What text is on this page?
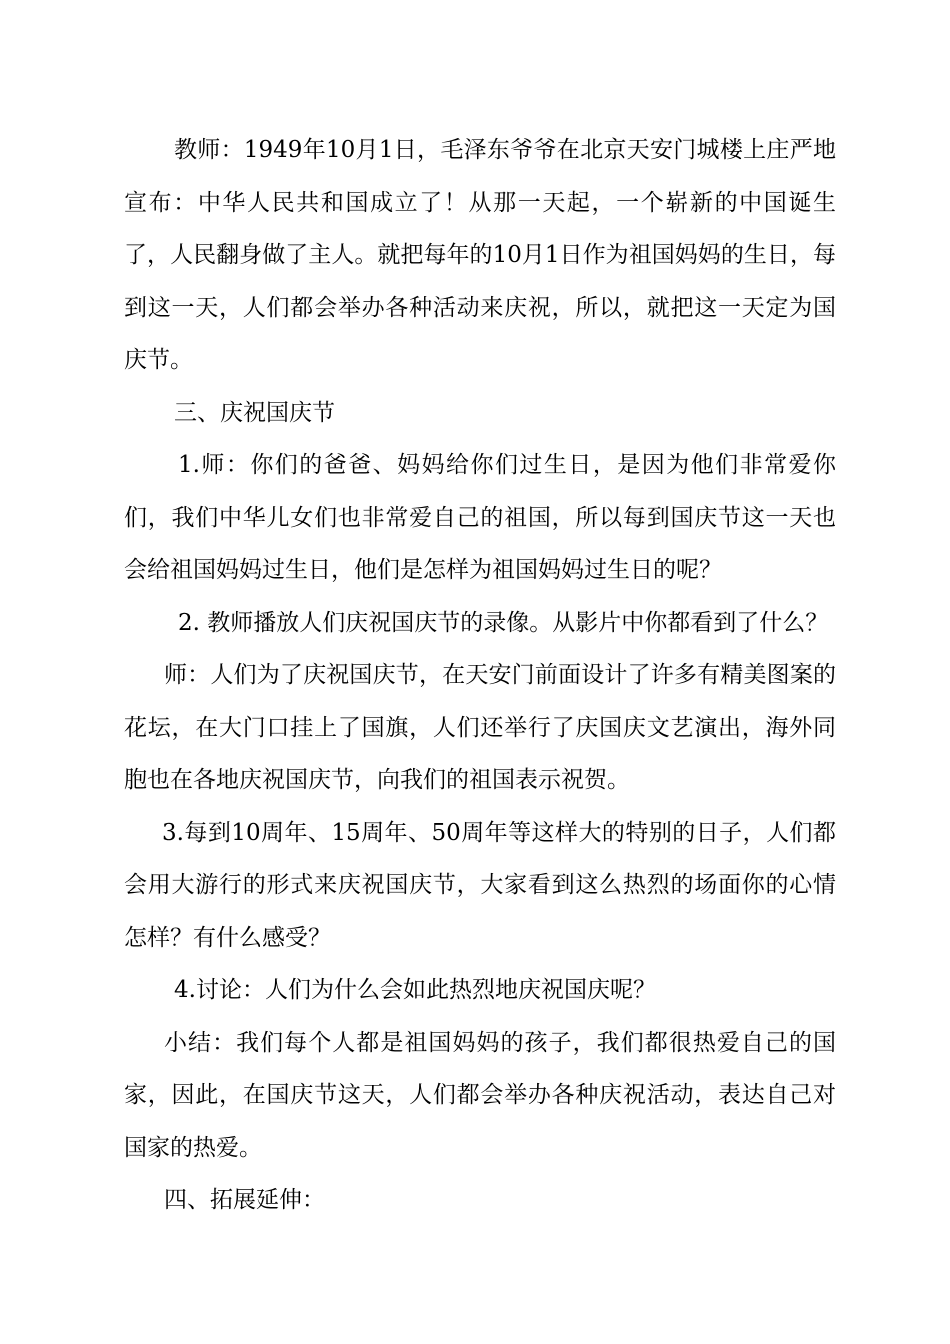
教师：1949年10月1日，毛泽东爷爷在北京天安门城楼上庄严地宣布：中华人民共和国成立了！从那一天起，一个崭新的中国诞生了，人民翻身做了主人。就把每年的10月1日作为祖国妈妈的生日，每到这一天，人们都会举办各种活动来庆祝，所以，就把这一天定为国庆节。

三、庆祝国庆节

1.师：你们的爸爸、妈妈给你们过生日，是因为他们非常爱你们，我们中华儿女们也非常爱自己的祖国，所以每到国庆节这一天也会给祖国妈妈过生日，他们是怎样为祖国妈妈过生日的呢？

2. 教师播放人们庆祝国庆节的录像。从影片中你都看到了什么？

师：人们为了庆祝国庆节，在天安门前面设计了许多有精美图案的花坛，在大门口挂上了国旗，人们还举行了庆国庆文艺演出，海外同胞也在各地庆祝国庆节，向我们的祖国表示祝贺。

3.每到10周年、15周年、50周年等这样大的特别的日子，人们都会用大游行的形式来庆祝国庆节，大家看到这么热烈的场面你的心情怎样？有什么感受？

4.讨论：人们为什么会如此热烈地庆祝国庆呢？

小结：我们每个人都是祖国妈妈的孩子，我们都很热爱自己的国家，因此，在国庆节这天，人们都会举办各种庆祝活动，表达自己对国家的热爱。

四、拓展延伸：
